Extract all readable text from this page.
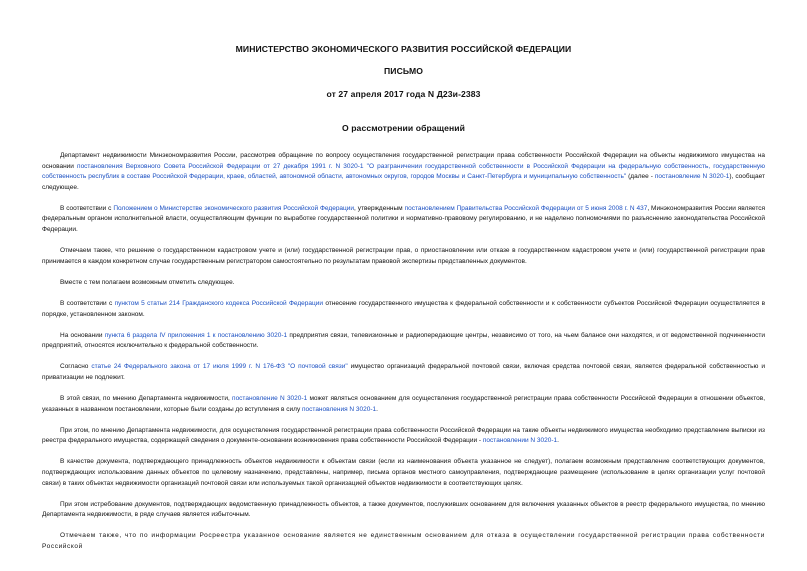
МИНИСТЕРСТВО ЭКОНОМИЧЕСКОГО РАЗВИТИЯ РОССИЙСКОЙ ФЕДЕРАЦИИ
ПИСЬМО
от 27 апреля 2017 года N Д23и-2383
О рассмотрении обращений

Департамент недвижимости Минэкономразвития России, рассмотрев обращение по вопросу осуществления государственной регистрации права собственности Российской Федерации на объекты недвижимого имущества на основании постановления Верховного Совета Российской Федерации от 27 декабря 1991 г. N 3020-1 "О разграничении государственной собственности в Российской Федерации на федеральную собственность, государственную собственность республик в составе Российской Федерации, краев, областей, автономной области, автономных округов, городов Москвы и Санкт-Петербурга и муниципальную собственность" (далее - постановление N 3020-1), сообщает следующее.

В соответствии с Положением о Министерстве экономического развития Российской Федерации, утвержденным постановлением Правительства Российской Федерации от 5 июня 2008 г. N 437, Минэкономразвития России является федеральным органом исполнительной власти, осуществляющим функции по выработке государственной политики и нормативно-правовому регулированию, и не наделено полномочиями по разъяснению законодательства Российской Федерации.

Отмечаем также, что решение о государственном кадастровом учете и (или) государственной регистрации прав, о приостановлении или отказе в государственном кадастровом учете и (или) государственной регистрации прав принимается в каждом конкретном случае государственным регистратором самостоятельно по результатам правовой экспертизы представленных документов.

Вместе с тем полагаем возможным отметить следующее.

В соответствии с пунктом 5 статьи 214 Гражданского кодекса Российской Федерации отнесение государственного имущества к федеральной собственности и к собственности субъектов Российской Федерации осуществляется в порядке, установленном законом.

На основании пункта 6 раздела IV приложения 1 к постановлению 3020-1 предприятия связи, телевизионные и радиопередающие центры, независимо от того, на чьем балансе они находятся, и от ведомственной подчиненности предприятий, относятся исключительно к федеральной собственности.

Согласно статье 24 Федерального закона от 17 июля 1999 г. N 176-ФЗ "О почтовой связи" имущество организаций федеральной почтовой связи, включая средства почтовой связи, является федеральной собственностью и приватизации не подлежит.

В этой связи, по мнению Департамента недвижимости, постановление N 3020-1 может являться основанием для осуществления государственной регистрации права собственности Российской Федерации в отношении объектов, указанных в названном постановлении, которые были созданы до вступления в силу постановления N 3020-1.

При этом, по мнению Департамента недвижимости, для осуществления государственной регистрации права собственности Российской Федерации на такие объекты недвижимого имущества необходимо представление выписки из реестра федерального имущества, содержащей сведения о документе-основании возникновения права собственности Российской Федерации - постановлении N 3020-1.

В качестве документа, подтверждающего принадлежность объектов недвижимости к объектам связи (если из наименования объекта указанное не следует), полагаем возможным представление соответствующих документов, подтверждающих использование данных объектов по целевому назначению, представлены, например, письма органов местного самоуправления, подтверждающие размещение (использование в целях организации услуг почтовой связи) в таких объектах недвижимости организаций почтовой связи или используемых такой организацией объектов недвижимости в соответствующих целях.

При этом истребование документов, подтверждающих ведомственную принадлежность объектов, а также документов, послуживших основанием для включения указанных объектов в реестр федерального имущества, по мнению Департамента недвижимости, в ряде случаев является избыточным.

Отмечаем также, что по информации Росреестра указанное основание является не единственным основанием для отказа в осуществлении государственной регистрации права собственности Российской
